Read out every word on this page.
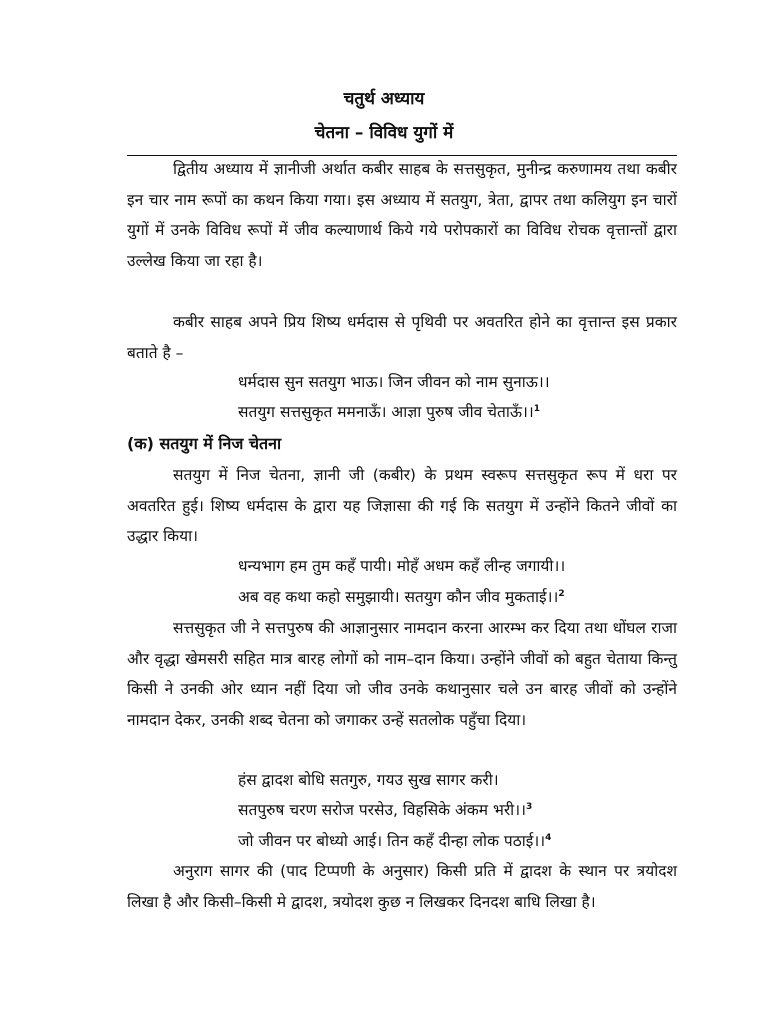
चतुर्थ अध्याय
चेतना – विविध युगों में

द्वितीय अध्याय में ज्ञानीजी अर्थात कबीर साहब के सत्तसुकृत, मुनीन्द्र करुणामय तथा कबीर इन चार नाम रूपों का कथन किया गया। इस अध्याय में सतयुग, त्रेता, द्वापर तथा कलियुग इन चारों युगों में उनके विविध रूपों में जीव कल्याणार्थ किये गये परोपकारों का विविध रोचक वृत्तान्तों द्वारा उल्लेख किया जा रहा है।

कबीर साहब अपने प्रिय शिष्य धर्मदास से पृथिवी पर अवतरित होने का वृत्तान्त इस प्रकार बताते है –

धर्मदास सुन सतयुग भाऊ। जिन जीवन को नाम सुनाऊ।।

सतयुग सत्तसुकृत ममनाऊँ। आज्ञा पुरुष जीव चेताऊँ।।$^1$

(क) सतयुग में निज चेतना

सतयुग में निज चेतना, ज्ञानी जी (कबीर) के प्रथम स्वरूप सत्तसुकृत रूप में धरा पर अवतरित हुई। शिष्य धर्मदास के द्वारा यह जिज्ञासा की गई कि सतयुग में उन्होंने कितने जीवों का उद्धार किया।

धन्यभाग हम तुम कहँ पायी। मोहँ अधम कहँ लीन्ह जगायी।।

अब वह कथा कहो समुझायी। सतयुग कौन जीव मुकताई।।$^2$

सत्तसुकृत जी ने सत्तपुरुष की आज्ञानुसार नामदान करना आरम्भ कर दिया तथा धोंघल राजा और वृद्धा खेमसरी सहित मात्र बारह लोगों को नाम–दान किया। उन्होंने जीवों को बहुत चेताया किन्तु किसी ने उनकी ओर ध्यान नहीं दिया जो जीव उनके कथानुसार चले उन बारह जीवों को उन्होंने नामदान देकर, उनकी शब्द चेतना को जगाकर उन्हें सतलोक पहुँचा दिया।

हंस द्वादश बोधि सतगुरु, गयउ सुख सागर करी।

सतपुरुष चरण सरोज परसेउ, विहसिके अंकम भरी।।$^3$

जो जीवन पर बोध्यो आई। तिन कहँ दीन्हा लोक पठाई।।$^4$

अनुराग सागर की (पाद टिप्पणी के अनुसार) किसी प्रति में द्वादश के स्थान पर त्रयोदश लिखा है और किसी–किसी मे द्वादश, त्रयोदश कुछ न लिखकर दिनदश बाधि लिखा है।
